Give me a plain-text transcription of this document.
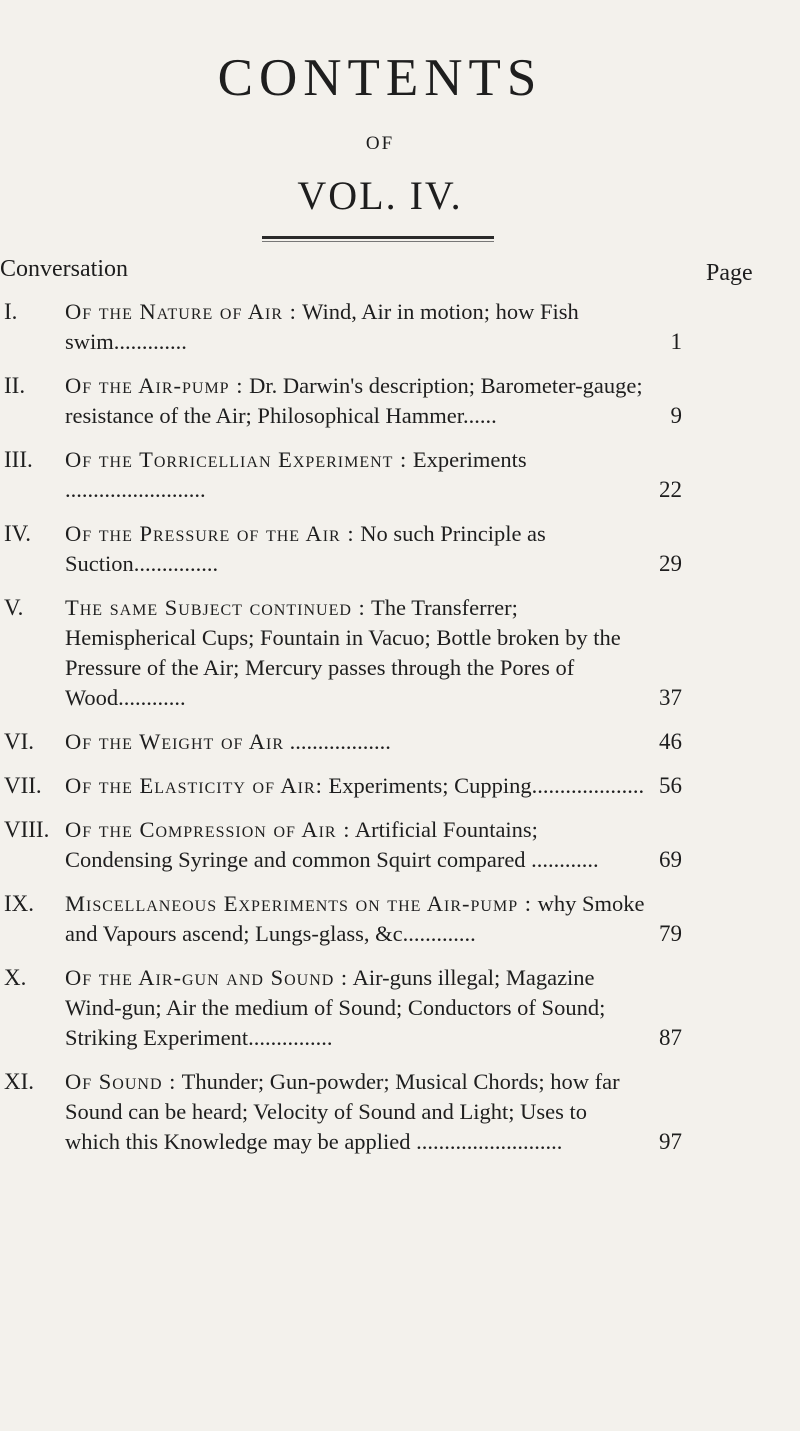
CONTENTS
OF
VOL. IV.
Conversation	Page
I.	Of the Nature of Air : Wind, Air in motion; how Fish swim.............	1
II.	Of the Air-pump : Dr. Darwin's description; Barometer-gauge; resistance of the Air; Philosophical Hammer......	9
III.	Of the Torricellian Experiment : Experiments .........................	22
IV.	Of the Pressure of the Air : No such Principle as Suction...............	29
V.	The same Subject continued : The Transferrer; Hemispherical Cups; Fountain in Vacuo; Bottle broken by the Pressure of the Air; Mercury passes through the Pores of Wood............	37
VI.	Of the Weight of Air ..................	46
VII.	Of the Elasticity of Air: Experiments; Cupping.................... 56
VIII. Of the Compression of Air : Artificial Fountains; Condensing Syringe and common Squirt compared ............	69
IX.	Miscellaneous Experiments on the Air-pump : why Smoke and Vapours ascend; Lungs-glass, &c.............	79
X.	Of the Air-gun and Sound : Air-guns illegal; Magazine Wind-gun; Air the medium of Sound; Conductors of Sound; Striking Experiment...............	87
XI.	Of Sound : Thunder; Gun-powder; Musical Chords; how far Sound can be heard; Velocity of Sound and Light; Uses to which this Knowledge may be applied ..........................	97
